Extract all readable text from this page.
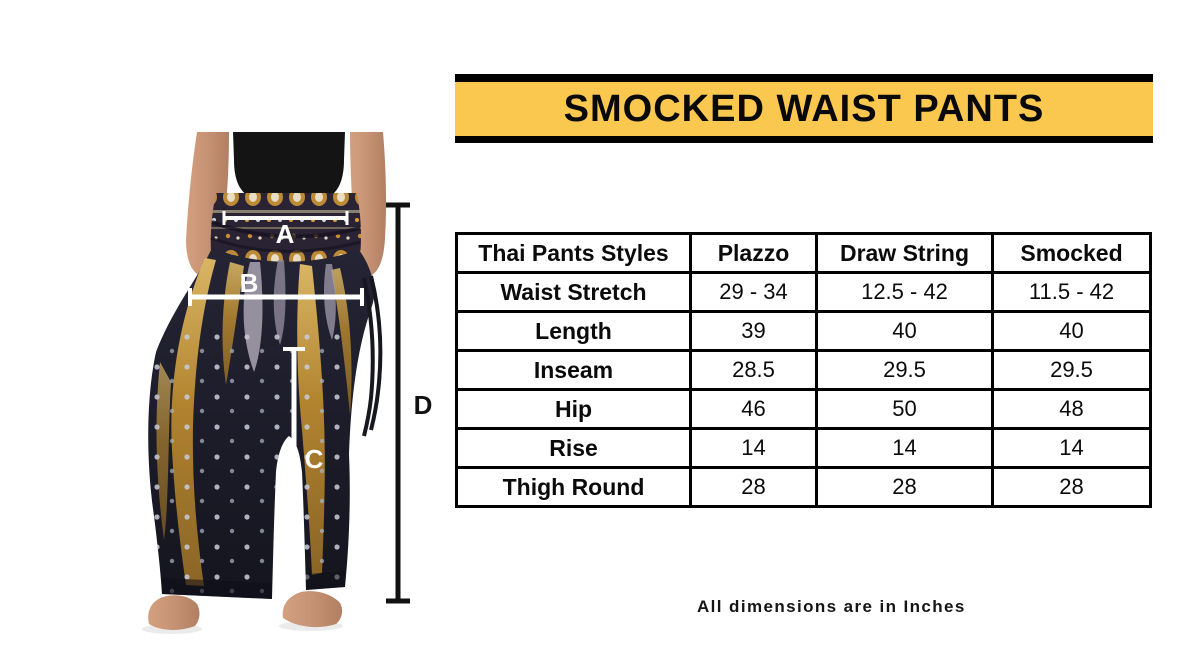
A
B
C
D
SMOCKED WAIST PANTS
Thai Pants Styles	Plazzo	Draw String	Smocked
Waist Stretch	29 - 34	12.5 - 42	11.5 - 42
Length	39	40	40
Inseam	28.5	29.5	29.5
Hip	46	50	48
Rise	14	14	14
Thigh Round	28	28	28
All dimensions are in Inches
